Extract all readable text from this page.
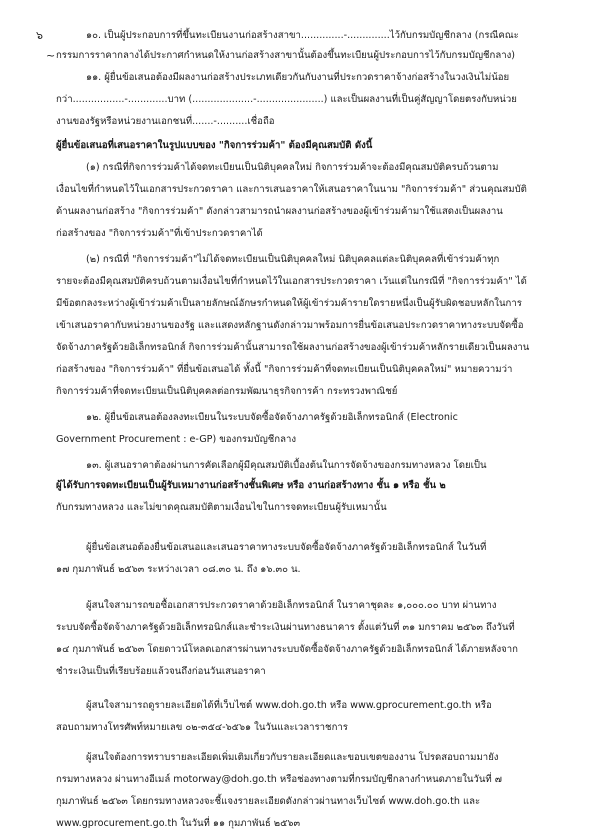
๖
~
๑๐. เป็นผู้ประกอบการที่ขึ้นทะเบียนงานก่อสร้างสาขา..............-..............ไว้กับกรมบัญชีกลาง (กรณีคณะ
กรรมการราคากลางได้ประกาศกำหนดให้งานก่อสร้างสาขานั้นต้องขึ้นทะเบียนผู้ประกอบการไว้กับกรมบัญชีกลาง)
๑๑. ผู้ยื่นข้อเสนอต้องมีผลงานก่อสร้างประเภทเดียวกันกับงานที่ประกวดราคาจ้างก่อสร้างในวงเงินไม่น้อย
กว่า.................-.............บาท (....................-......................) และเป็นผลงานที่เป็นคู่สัญญาโดยตรงกับหน่วย
งานของรัฐหรือหน่วยงานเอกชนที่.......-..........เชื่อถือ
ผู้ยื่นข้อเสนอที่เสนอราคาในรูปแบบของ "กิจการร่วมค้า" ต้องมีคุณสมบัติ ดังนี้
(๑) กรณีที่กิจการร่วมค้าได้จดทะเบียนเป็นนิติบุคคลใหม่ กิจการร่วมค้าจะต้องมีคุณสมบัติครบถ้วนตาม
เงื่อนไขที่กำหนดไว้ในเอกสารประกวดราคา และการเสนอราคาให้เสนอราคาในนาม "กิจการร่วมค้า" ส่วนคุณสมบัติ
ด้านผลงานก่อสร้าง "กิจการร่วมค้า" ดังกล่าวสามารถนำผลงานก่อสร้างของผู้เข้าร่วมค้ามาใช้แสดงเป็นผลงาน
ก่อสร้างของ "กิจการร่วมค้า"ที่เข้าประกวดราคาได้
(๒) กรณีที่ "กิจการร่วมค้า"ไม่ได้จดทะเบียนเป็นนิติบุคคลใหม่ นิติบุคคลแต่ละนิติบุคคลที่เข้าร่วมค้าทุก
รายจะต้องมีคุณสมบัติครบถ้วนตามเงื่อนไขที่กำหนดไว้ในเอกสารประกวดราคา เว้นแต่ในกรณีที่ "กิจการร่วมค้า" ได้
มีข้อตกลงระหว่างผู้เข้าร่วมค้าเป็นลายลักษณ์อักษรกำหนดให้ผู้เข้าร่วมค้ารายใดรายหนึ่งเป็นผู้รับผิดชอบหลักในการ
เข้าเสนอราคากับหน่วยงานของรัฐ และแสดงหลักฐานดังกล่าวมาพร้อมการยื่นข้อเสนอประกวดราคาทางระบบจัดซื้อ
จัดจ้างภาครัฐด้วยอิเล็กทรอนิกส์ กิจการร่วมค้านั้นสามารถใช้ผลงานก่อสร้างของผู้เข้าร่วมค้าหลักรายเดียวเป็นผลงาน
ก่อสร้างของ "กิจการร่วมค้า" ที่ยื่นข้อเสนอได้ ทั้งนี้ "กิจการร่วมค้าที่จดทะเบียนเป็นนิติบุคคลใหม่" หมายความว่า
กิจการร่วมค้าที่จดทะเบียนเป็นนิติบุคคลต่อกรมพัฒนาธุรกิจการค้า กระทรวงพาณิชย์
๑๒. ผู้ยื่นข้อเสนอต้องลงทะเบียนในระบบจัดซื้อจัดจ้างภาครัฐด้วยอิเล็กทรอนิกส์ (Electronic
Government Procurement : e-GP) ของกรมบัญชีกลาง
๑๓. ผู้เสนอราคาต้องผ่านการคัดเลือกผู้มีคุณสมบัติเบื้องต้นในการจัดจ้างของกรมทางหลวง โดยเป็น
ผู้ได้รับการจดทะเบียนเป็นผู้รับเหมางานก่อสร้างชั้นพิเศษ หรือ งานก่อสร้างทาง ชั้น ๑ หรือ ชั้น ๒
กับกรมทางหลวง และไม่ขาดคุณสมบัติตามเงื่อนไขในการจดทะเบียนผู้รับเหมานั้น
ผู้ยื่นข้อเสนอต้องยื่นข้อเสนอและเสนอราคาทางระบบจัดซื้อจัดจ้างภาครัฐด้วยอิเล็กทรอนิกส์ ในวันที่
๑๗ กุมภาพันธ์ ๒๕๖๓ ระหว่างเวลา ๐๘.๓๐ น. ถึง ๑๖.๓๐ น.
ผู้สนใจสามารถขอซื้อเอกสารประกวดราคาด้วยอิเล็กทรอนิกส์ ในราคาชุดละ ๑,๐๐๐.๐๐ บาท ผ่านทาง
ระบบจัดซื้อจัดจ้างภาครัฐด้วยอิเล็กทรอนิกส์และชำระเงินผ่านทางธนาคาร ตั้งแต่วันที่ ๓๑ มกราคม ๒๕๖๓ ถึงวันที่
๑๔ กุมภาพันธ์ ๒๕๖๓ โดยดาวน์โหลดเอกสารผ่านทางระบบจัดซื้อจัดจ้างภาครัฐด้วยอิเล็กทรอนิกส์ ได้ภายหลังจาก
ชำระเงินเป็นที่เรียบร้อยแล้วจนถึงก่อนวันเสนอราคา
ผู้สนใจสามารถดูรายละเอียดได้ที่เว็บไซต์ www.doh.go.th หรือ www.gprocurement.go.th หรือ
สอบถามทางโทรศัพท์หมายเลข ๐๒-๓๕๔-๖๕๖๑ ในวันและเวลาราชการ
ผู้สนใจต้องการทราบรายละเอียดเพิ่มเติมเกี่ยวกับรายละเอียดและขอบเขตของงาน โปรดสอบถามมายัง
กรมทางหลวง ผ่านทางอีเมล์ motorway@doh.go.th หรือช่องทางตามที่กรมบัญชีกลางกำหนดภายในวันที่ ๗
กุมภาพันธ์ ๒๕๖๓ โดยกรมทางหลวงจะชี้แจงรายละเอียดดังกล่าวผ่านทางเว็บไซต์ www.doh.go.th และ
www.gprocurement.go.th ในวันที่ ๑๑ กุมภาพันธ์ ๒๕๖๓
